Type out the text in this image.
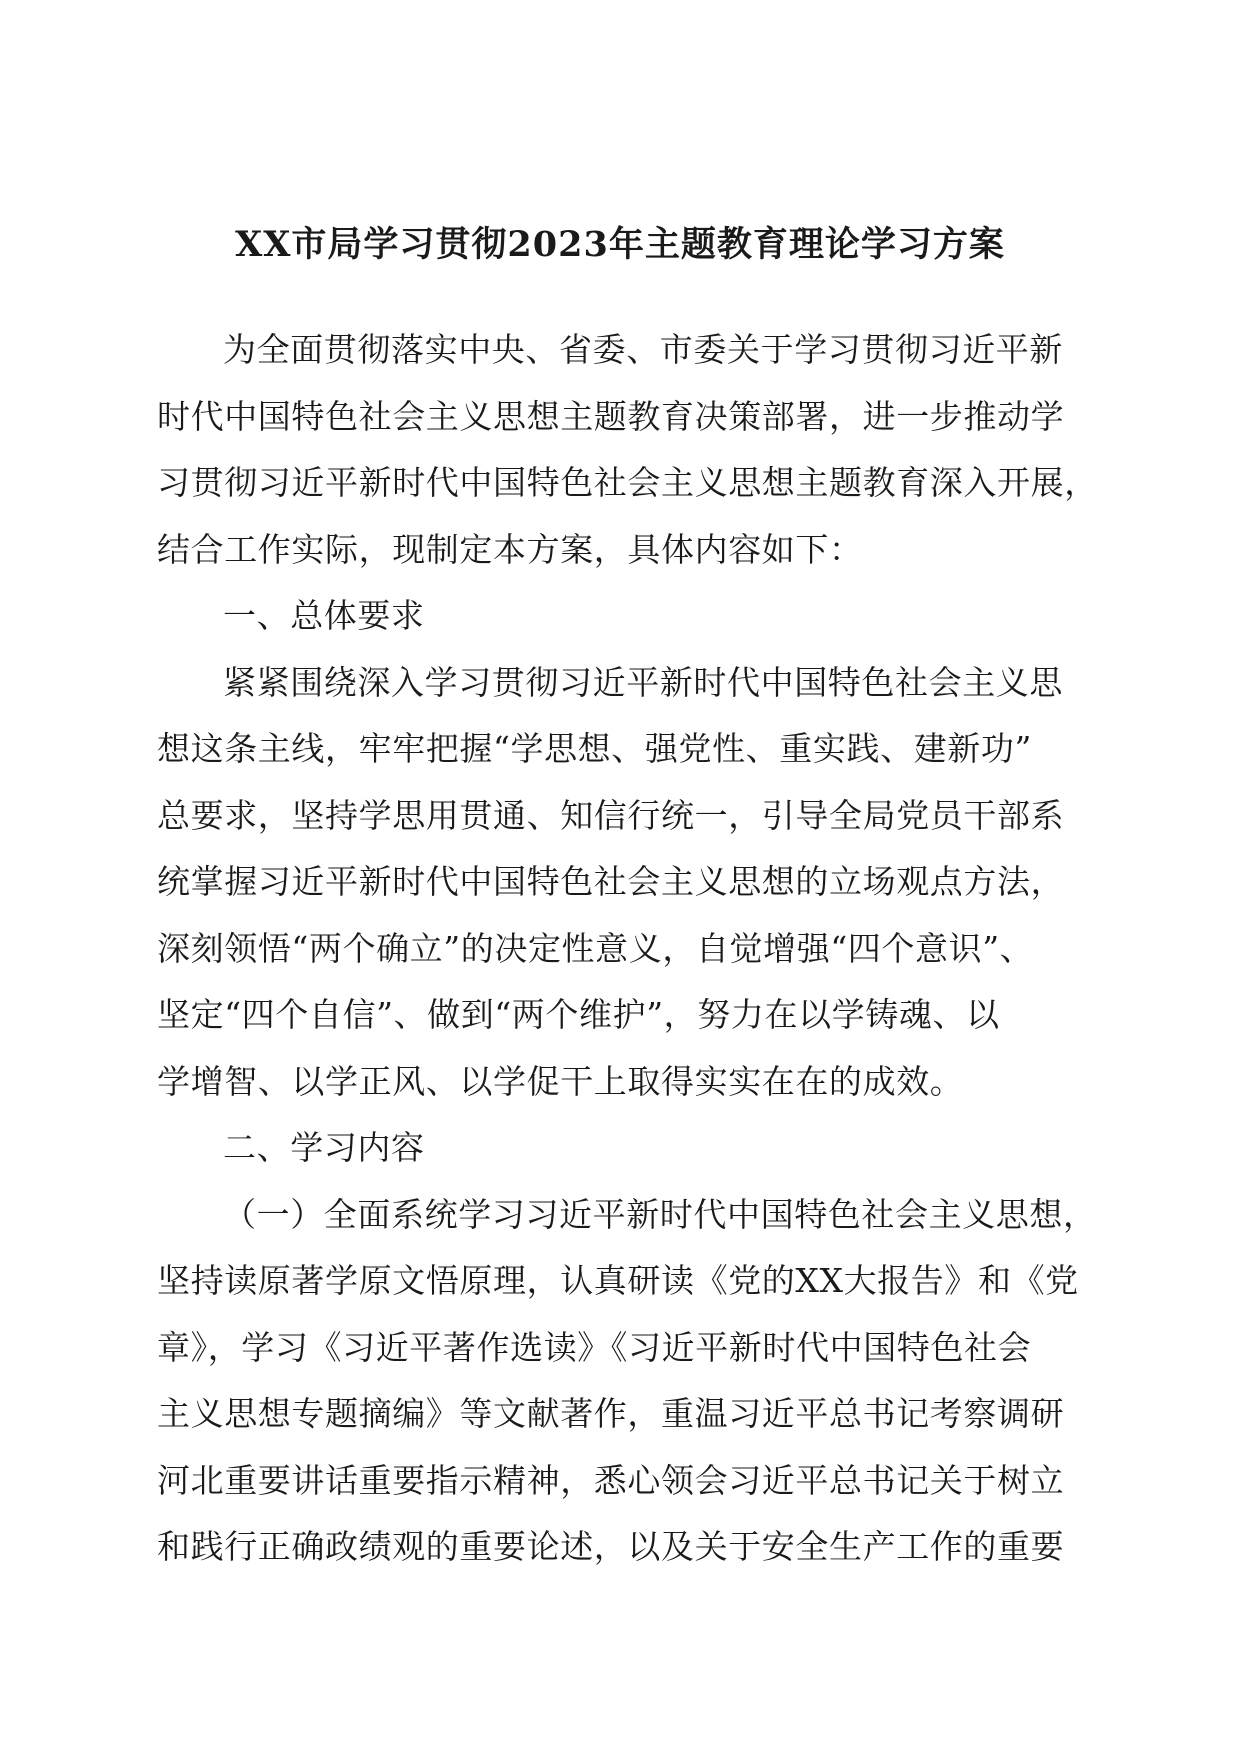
XX市局学习贯彻2023年主题教育理论学习方案
为全面贯彻落实中央、省委、市委关于学习贯彻习近平新
时代中国特色社会主义思想主题教育决策部署，进一步推动学
习贯彻习近平新时代中国特色社会主义思想主题教育深入开展，
结合工作实际，现制定本方案，具体内容如下：
一、总体要求
紧紧围绕深入学习贯彻习近平新时代中国特色社会主义思
想这条主线，牢牢把握“学思想、强党性、重实践、建新功”
总要求，坚持学思用贯通、知信行统一，引导全局党员干部系
统掌握习近平新时代中国特色社会主义思想的立场观点方法，
深刻领悟“两个确立”的决定性意义，自觉增强“四个意识”、
坚定“四个自信”、做到“两个维护”，努力在以学铸魂、以
学增智、以学正风、以学促干上取得实实在在的成效。
二、学习内容
（一）全面系统学习习近平新时代中国特色社会主义思想，
坚持读原著学原文悟原理，认真研读《党的XX大报告》和《党
章》，学习《习近平著作选读》《习近平新时代中国特色社会
主义思想专题摘编》等文献著作，重温习近平总书记考察调研
河北重要讲话重要指示精神，悉心领会习近平总书记关于树立
和践行正确政绩观的重要论述，以及关于安全生产工作的重要
